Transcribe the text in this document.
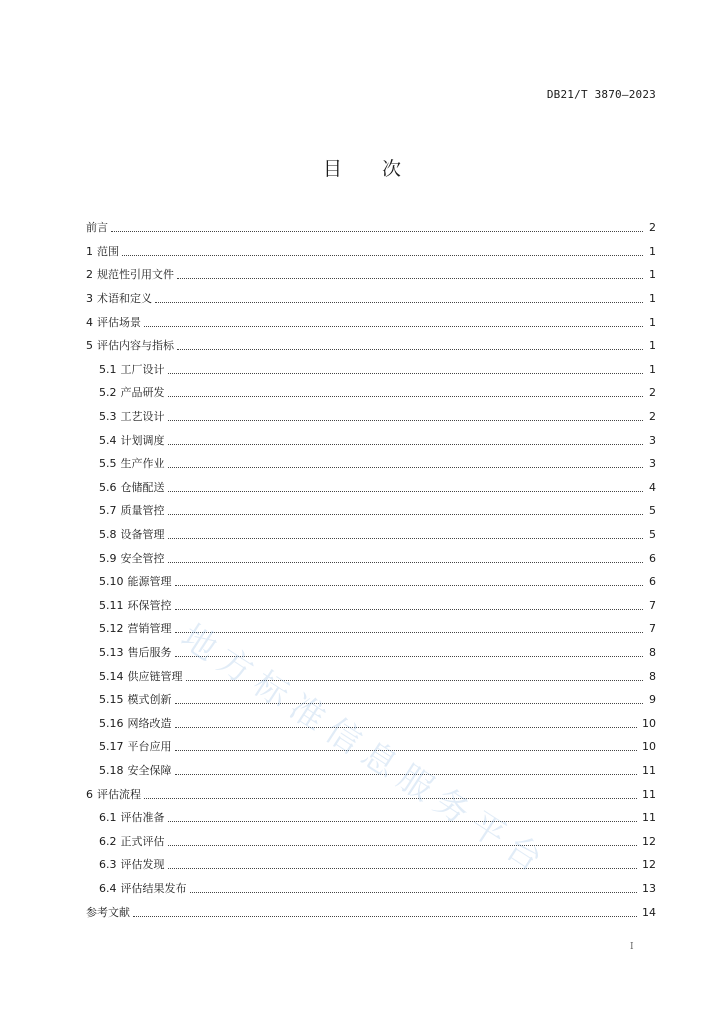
DB21/T 3870—2023
目 次
前言	2
1 范围	1
2 规范性引用文件	1
3 术语和定义	1
4 评估场景	1
5 评估内容与指标	1
5.1 工厂设计	1
5.2 产品研发	2
5.3 工艺设计	2
5.4 计划调度	3
5.5 生产作业	3
5.6 仓储配送	4
5.7 质量管控	5
5.8 设备管理	5
5.9 安全管控	6
5.10 能源管理	6
5.11 环保管控	7
5.12 营销管理	7
5.13 售后服务	8
5.14 供应链管理	8
5.15 模式创新	9
5.16 网络改造	10
5.17 平台应用	10
5.18 安全保障	11
6 评估流程	11
6.1 评估准备	11
6.2 正式评估	12
6.3 评估发现	12
6.4 评估结果发布	13
参考文献	14
地方标准信息服务平台
I
